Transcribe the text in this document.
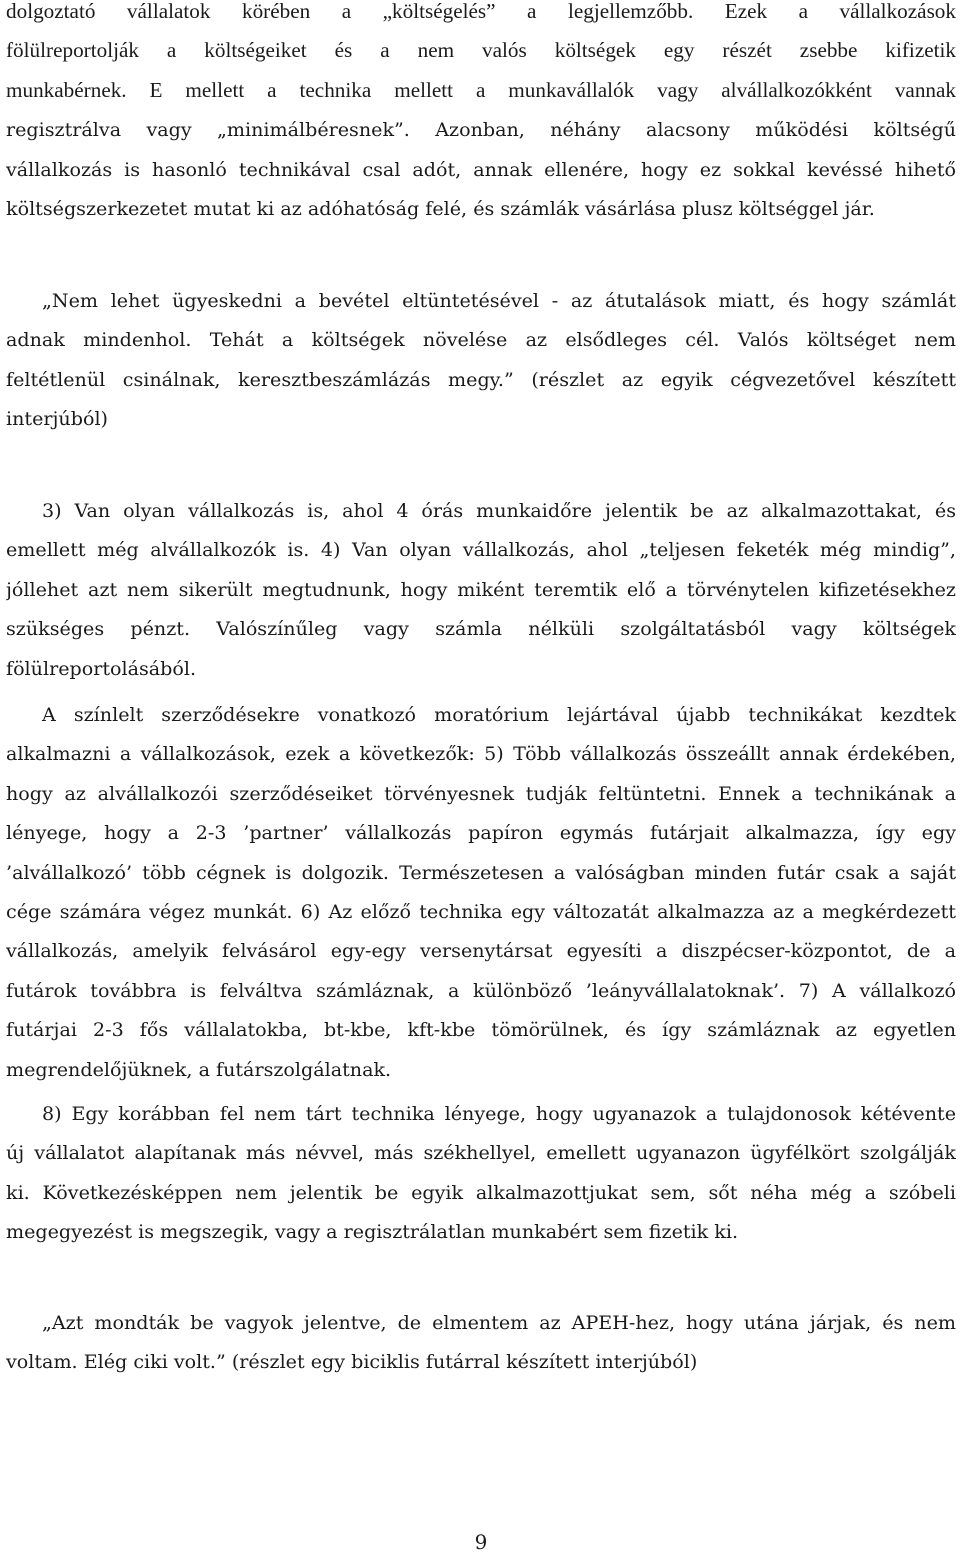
dolgoztató vállalatok körében a „költségelés” a legjellemzőbb. Ezek a vállalkozások
fölülreportolják a költségeiket és a nem valós költségek egy részét zsebbe kifizetik
munkabérnek. E mellett a technika mellett a munkavállalók vagy alvállalkozókként vannak
regisztrálva vagy „minimálbéresnek”. Azonban, néhány alacsony működési költségű
vállalkozás is hasonló technikával csal adót, annak ellenére, hogy ez sokkal kevéssé hihető
költségszerkezetet mutat ki az adóhatóság felé, és számlák vásárlása plusz költséggel jár.
„Nem lehet ügyeskedni a bevétel eltüntetésével - az átutalások miatt, és hogy számlát
adnak mindenhol. Tehát a költségek növelése az elsődleges cél. Valós költséget nem
feltétlenül csinálnak, keresztbeszámlázás megy.” (részlet az egyik cégvezetővel készített
interjúból)
3) Van olyan vállalkozás is, ahol 4 órás munkaidőre jelentik be az alkalmazottakat, és
emellett még alvállalkozók is. 4) Van olyan vállalkozás, ahol „teljesen feketék még mindig”,
jóllehet azt nem sikerült megtudnunk, hogy miként teremtik elő a törvénytelen kifizetésekhez
szükséges pénzt. Valószínűleg vagy számla nélküli szolgáltatásból vagy költségek
fölülreportolásából.
A színlelt szerződésekre vonatkozó moratórium lejártával újabb technikákat kezdtek
alkalmazni a vállalkozások, ezek a következők: 5) Több vállalkozás összeállt annak érdekében,
hogy az alvállalkozói szerződéseiket törvényesnek tudják feltüntetni. Ennek a technikának a
lényege, hogy a 2-3 ’partner’ vállalkozás papíron egymás futárjait alkalmazza, így egy
’alvállalkozó’ több cégnek is dolgozik. Természetesen a valóságban minden futár csak a saját
cége számára végez munkát. 6) Az előző technika egy változatát alkalmazza az a megkérdezett
vállalkozás, amelyik felvásárol egy-egy versenytársat egyesíti a diszpécser-központot, de a
futárok továbbra is felváltva számláznak, a különböző ’leányvállalatoknak’. 7) A vállalkozó
futárjai 2-3 fős vállalatokba, bt-kbe, kft-kbe tömörülnek, és így számláznak az egyetlen
megrendelőjüknek, a futárszolgálatnak.
8) Egy korábban fel nem tárt technika lényege, hogy ugyanazok a tulajdonosok kétévente
új vállalatot alapítanak más névvel, más székhellyel, emellett ugyanazon ügyfélkört szolgálják
ki. Következésképpen nem jelentik be egyik alkalmazottjukat sem, sőt néha még a szóbeli
megegyezést is megszegik, vagy a regisztrálatlan munkabért sem fizetik ki.
„Azt mondták be vagyok jelentve, de elmentem az APEH-hez, hogy utána járjak, és nem
voltam. Elég ciki volt.” (részlet egy biciklis futárral készített interjúból)
9
